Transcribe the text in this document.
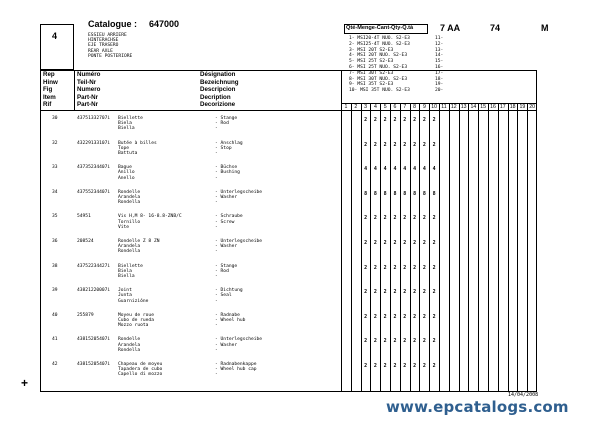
4
Catalogue : 647000
ESSIEU ARRIERE
HINTERACHSE
EJE TRASERO
REAR AXLE
PONTE POSTERIORE
Qté-Menge-Cant-Qty-Q.tà	7 AA	74	M
1- MSI20-4T NUO. S2-E3	11-
2- MSI25-4T NUO. S2-E3	12-
3- MSI 20T S2-E3	13-
4- MSI 20T NUO. S2-E3	14-
5- MSI 25T S2-E3	15-
6- MSI 25T NUO. S2-E3	16-
7- MSI 30T S2-E3	17-
8- MSI 30T NUO. S2-E3	18-
9- MSI 35T S2-E3	19-
10- MSI 35T NUO. S2-E3	20-
Rep
Hinw
Fig
Item
Rif
Numéro
Teil-Nr
Numero
Part-Nr
Part-Nr
Désignation
Bezeichnung
Descripcion
Decription
Decorizione	1	2	3	4	5	6	7	8	9	10 11 12 13 14 15 16 17 18 19 20
30	43751332707i Biellette
Biela
Biella
- Stange
- Rod
-
2	2	2	2	2	2	2	2
32	43229133107i Butée à billes
Tope
Battuta
- Anschlag
- Stop
-
2	2	2	2	2	2	2	2
33	43735234407i Bague
Anillo
Anello
- Büchse
- Bushing
-
4	4	4	4	4	4	4	4
34	43755234407i Rondelle
Arandela
Rondella
- Unterlegscheibe
- Washer
-
8	8	8	8	8	8	8	8
35	54951	Vis H,M 8- 16-8.8-ZNB/C
Tornillo
Vite
- Schraube
- Screw
-
2	2	2	2	2	2	2	2
36	208524	Rondelle Z 8 ZN
Arandela
Rondella
- Unterlegscheibe
- Washer
-
2	2	2	2	2	2	2	2
38	43752234427i Biellette
Biela
Biella
- Stange
- Rod
-
2	2	2	2	2	2	2	2
39	43821220007i Joint
Junta
Guarnizióne
- Dichtung
- Seal
-
2	2	2	2	2	2	2	2
40	255879	Moyeu de roue
Cubo de rueda
Mozzo ruota
- Radnabe
- Wheel hub
-
2	2	2	2	2	2	2	2
41	43815205407i Rondelle
Arandela
Rondella
- Unterlegscheibe
- Washer
-
2	2	2	2	2	2	2	2
42	43815205407i Chapeau de moyeu
Tapadera de cubo
Capello di mozzo
- Radnabenkappe
- Wheel hub cap
-
2	2	2	2	2	2	2	2
14/04/2008
+
www.epcatalogs.com
